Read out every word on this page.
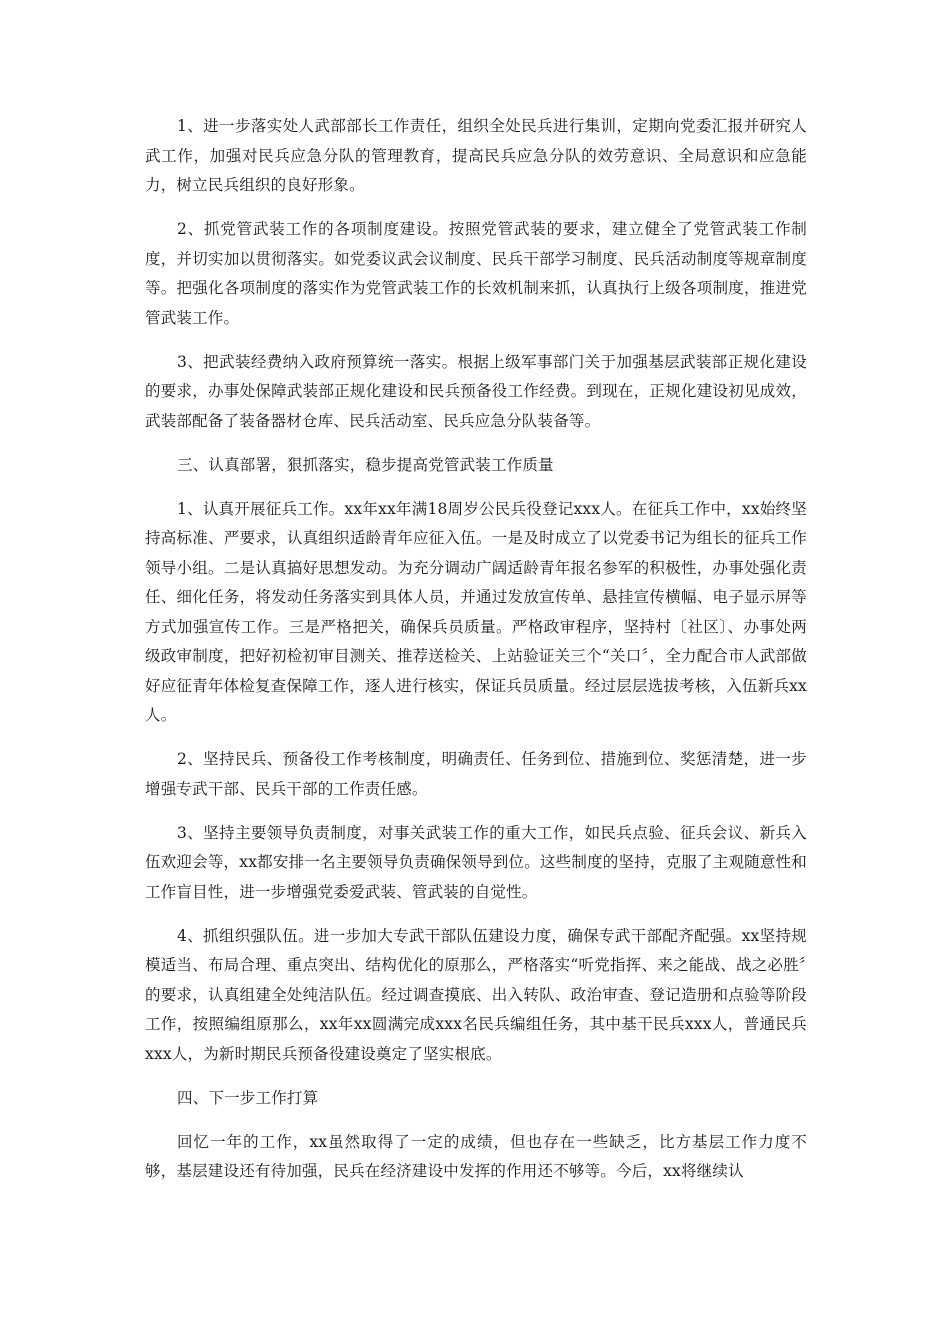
1、进一步落实处人武部部长工作责任，组织全处民兵进行集训，定期向党委汇报并研究人武工作，加强对民兵应急分队的管理教育，提高民兵应急分队的效劳意识、全局意识和应急能力，树立民兵组织的良好形象。

2、抓党管武装工作的各项制度建设。按照党管武装的要求，建立健全了党管武装工作制度，并切实加以贯彻落实。如党委议武会议制度、民兵干部学习制度、民兵活动制度等规章制度等。把强化各项制度的落实作为党管武装工作的长效机制来抓，认真执行上级各项制度，推进党管武装工作。

3、把武装经费纳入政府预算统一落实。根据上级军事部门关于加强基层武装部正规化建设的要求，办事处保障武装部正规化建设和民兵预备役工作经费。到现在，正规化建设初见成效，武装部配备了装备器材仓库、民兵活动室、民兵应急分队装备等。

三、认真部署，狠抓落实，稳步提高党管武装工作质量

1、认真开展征兵工作。xx年xx年满18周岁公民兵役登记xxx人。在征兵工作中，xx始终坚持高标准、严要求，认真组织适龄青年应征入伍。一是及时成立了以党委书记为组长的征兵工作领导小组。二是认真搞好思想发动。为充分调动广阔适龄青年报名参军的积极性，办事处强化责任、细化任务，将发动任务落实到具体人员，并通过发放宣传单、悬挂宣传横幅、电子显示屏等方式加强宣传工作。三是严格把关，确保兵员质量。严格政审程序，坚持村〔社区〕、办事处两级政审制度，把好初检初审目测关、推荐送检关、上站验证关三个“关口〞，全力配合市人武部做好应征青年体检复查保障工作，逐人进行核实，保证兵员质量。经过层层选拔考核，入伍新兵xx人。

2、坚持民兵、预备役工作考核制度，明确责任、任务到位、措施到位、奖惩清楚，进一步增强专武干部、民兵干部的工作责任感。

3、坚持主要领导负责制度，对事关武装工作的重大工作，如民兵点验、征兵会议、新兵入伍欢迎会等，xx都安排一名主要领导负责确保领导到位。这些制度的坚持，克服了主观随意性和工作盲目性，进一步增强党委爱武装、管武装的自觉性。

4、抓组织强队伍。进一步加大专武干部队伍建设力度，确保专武干部配齐配强。xx坚持规模适当、布局合理、重点突出、结构优化的原那么，严格落实“听党指挥、来之能战、战之必胜〞的要求，认真组建全处纯洁队伍。经过调查摸底、出入转队、政治审查、登记造册和点验等阶段工作，按照编组原那么，xx年xx圆满完成xxx名民兵编组任务，其中基干民兵xxx人，普通民兵xxx人，为新时期民兵预备役建设奠定了坚实根底。

四、下一步工作打算

回忆一年的工作，xx虽然取得了一定的成绩，但也存在一些缺乏，比方基层工作力度不够，基层建设还有待加强，民兵在经济建设中发挥的作用还不够等。今后，xx将继续认
